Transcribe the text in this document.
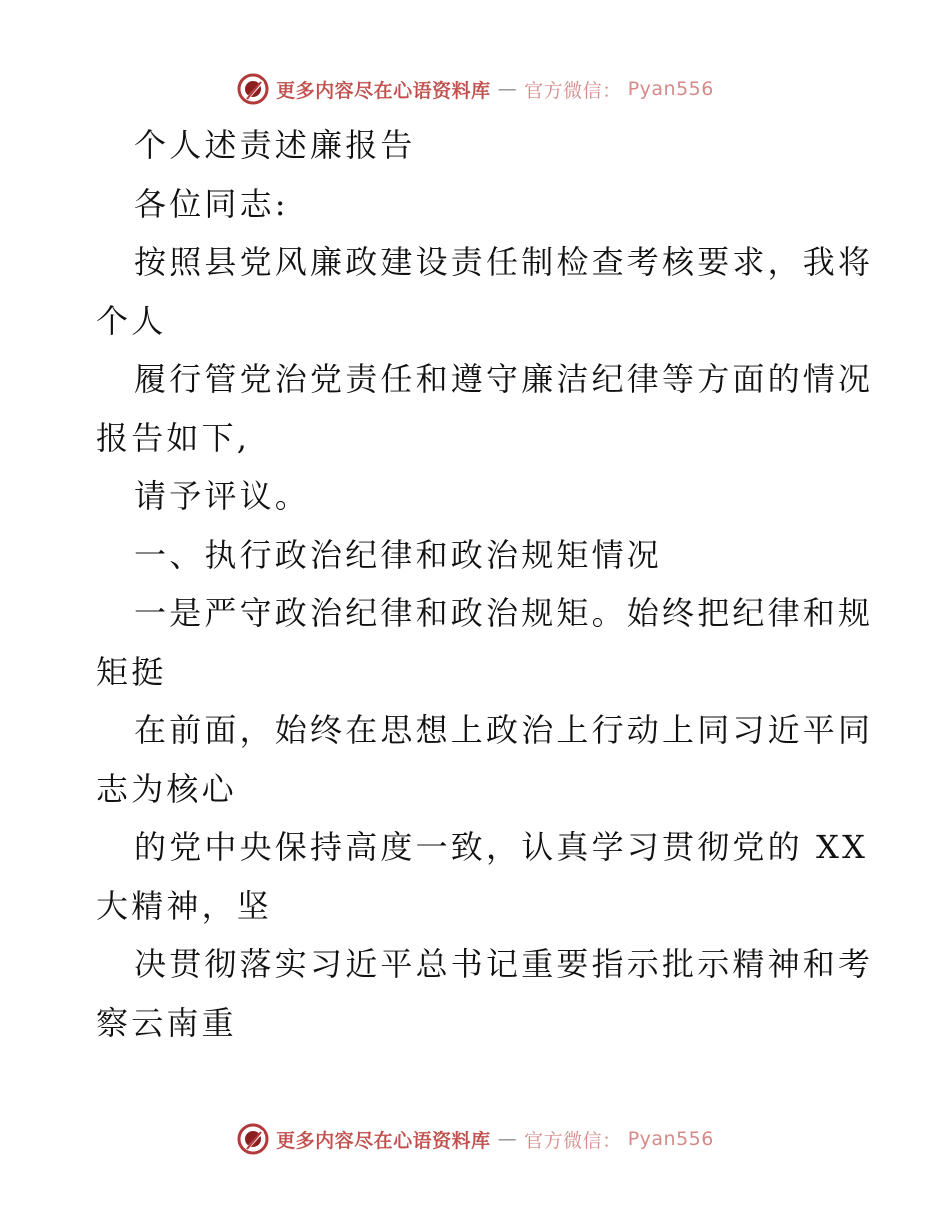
更多内容尽在心语资料库 — 官方微信： Pyan556
个人述责述廉报告
各位同志:
按照县党风廉政建设责任制检查考核要求，我将
个人
履行管党治党责任和遵守廉洁纪律等方面的情况
报告如下,
请予评议。
一、执行政治纪律和政治规矩情况
一是严守政治纪律和政治规矩。始终把纪律和规
矩挺
在前面，始终在思想上政治上行动上同习近平同
志为核心
的党中央保持高度一致，认真学习贯彻党的 XX
大精神，坚
决贯彻落实习近平总书记重要指示批示精神和考
察云南重
更多内容尽在心语资料库 — 官方微信： Pyan556
